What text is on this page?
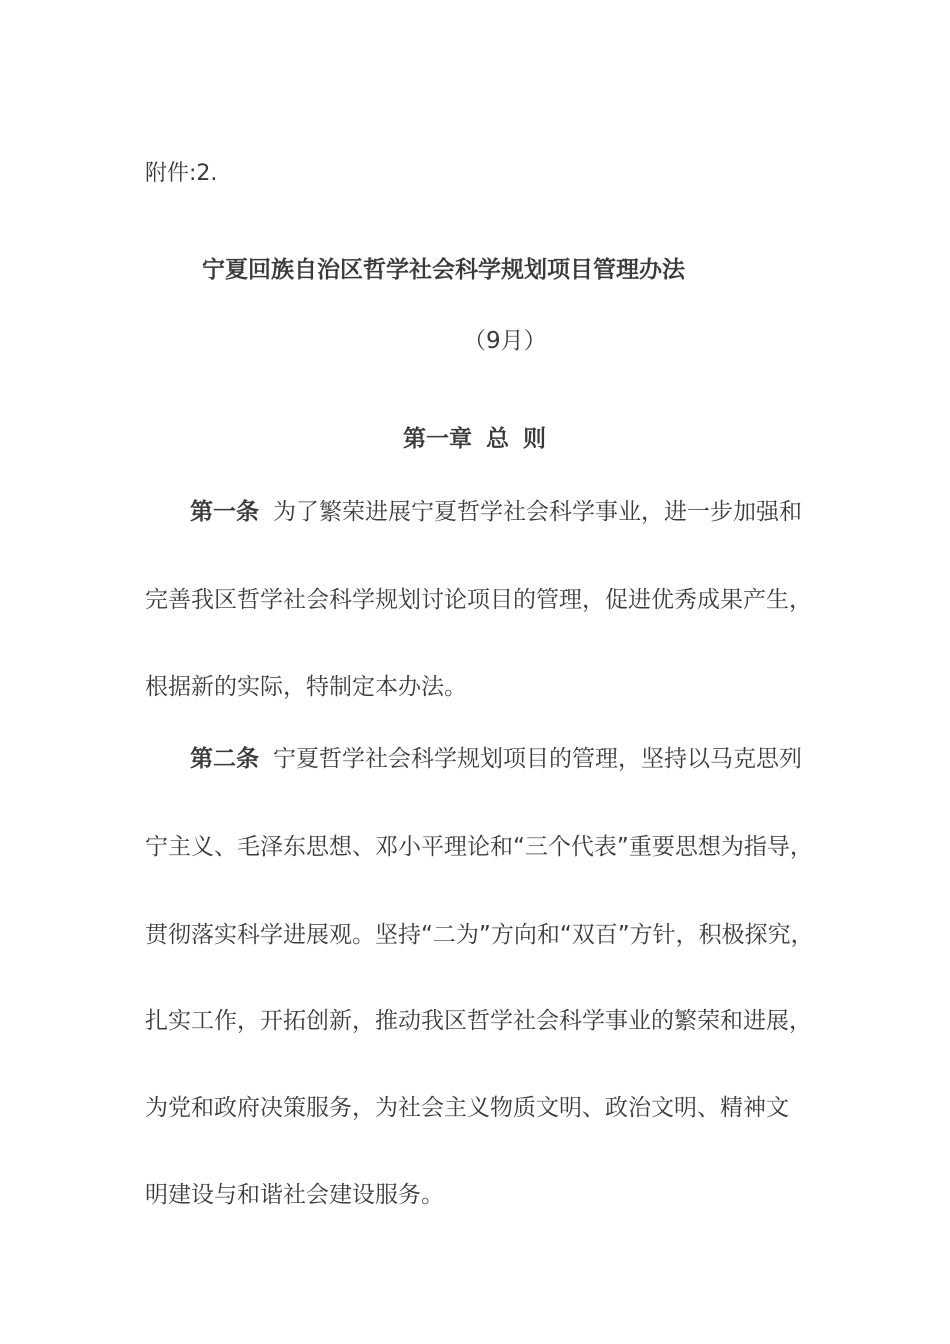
附件:2.
宁夏回族自治区哲学社会科学规划项目管理办法
（9月）
第一章 总 则
第一条 为了繁荣进展宁夏哲学社会科学事业，进一步加强和
完善我区哲学社会科学规划讨论项目的管理，促进优秀成果产生，
根据新的实际，特制定本办法。
第二条 宁夏哲学社会科学规划项目的管理，坚持以马克思列
宁主义、毛泽东思想、邓小平理论和“三个代表”重要思想为指导，
贯彻落实科学进展观。坚持“二为”方向和“双百”方针，积极探究，
扎实工作，开拓创新，推动我区哲学社会科学事业的繁荣和进展，
为党和政府决策服务，为社会主义物质文明、政治文明、精神文
明建设与和谐社会建设服务。
